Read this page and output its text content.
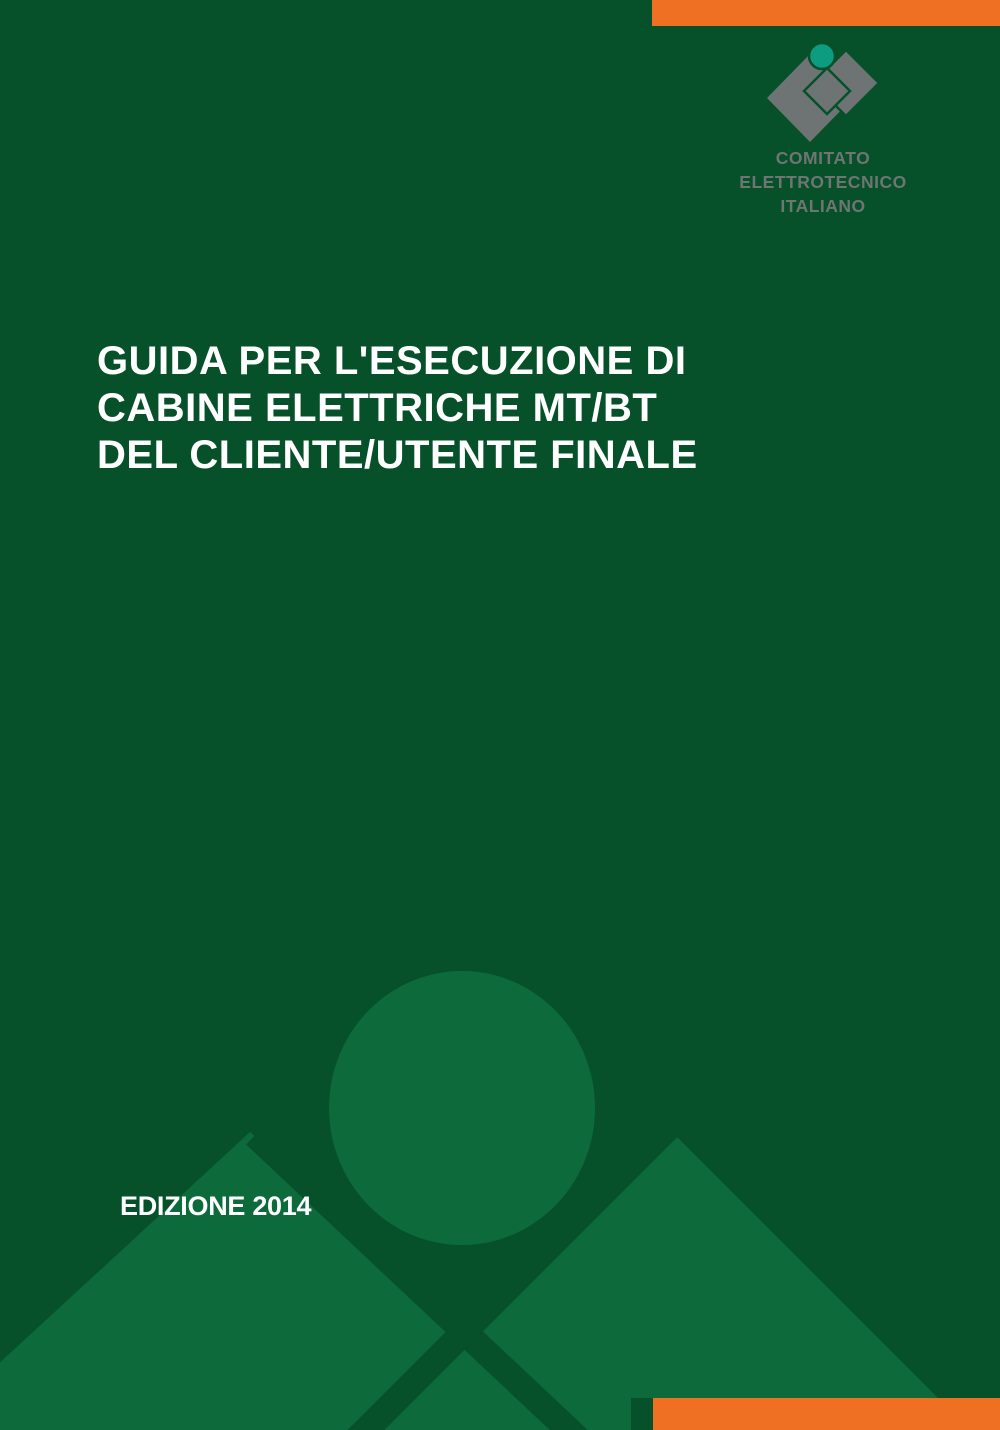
COMITATO
ELETTROTECNICO
ITALIANO
GUIDA PER L'ESECUZIONE DI
CABINE ELETTRICHE MT/BT
DEL CLIENTE/UTENTE FINALE
EDIZIONE 2014
